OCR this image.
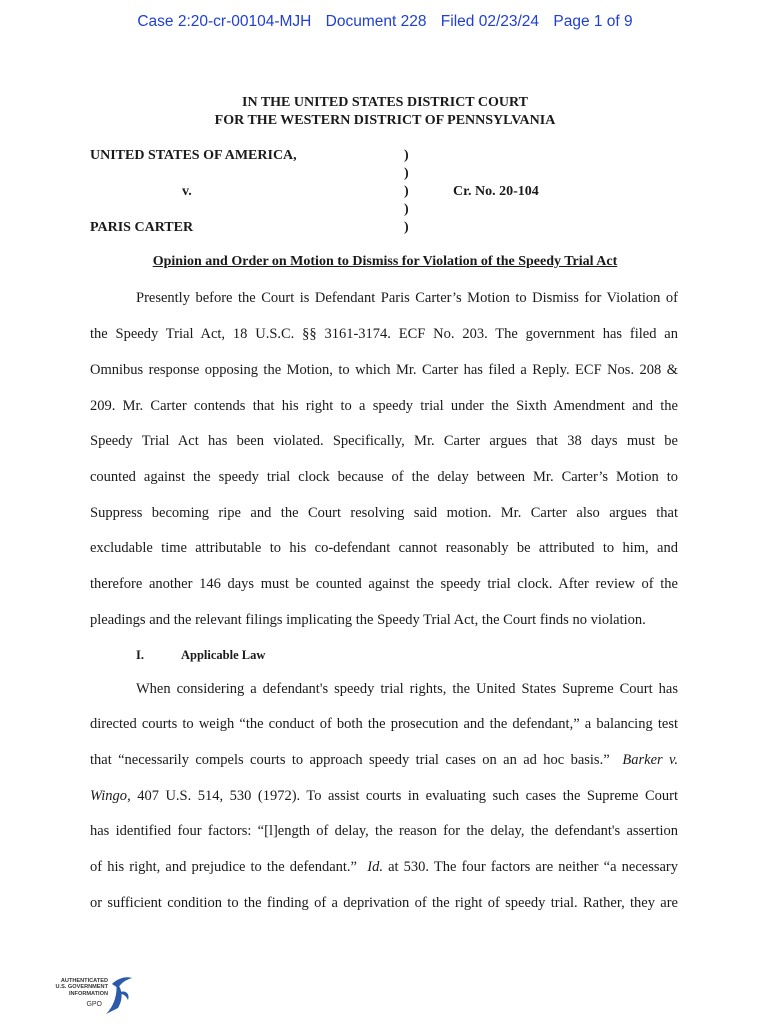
Case 2:20-cr-00104-MJH Document 228 Filed 02/23/24 Page 1 of 9
IN THE UNITED STATES DISTRICT COURT
FOR THE WESTERN DISTRICT OF PENNSYLVANIA
UNITED STATES OF AMERICA,
v.
PARIS CARTER
Cr. No. 20-104
)
)
)
)
)
Opinion and Order on Motion to Dismiss for Violation of the Speedy Trial Act
Presently before the Court is Defendant Paris Carter’s Motion to Dismiss for Violation of
the Speedy Trial Act, 18 U.S.C. §§ 3161-3174. ECF No. 203. The government has filed an
Omnibus response opposing the Motion, to which Mr. Carter has filed a Reply. ECF Nos. 208 &
209. Mr. Carter contends that his right to a speedy trial under the Sixth Amendment and the
Speedy Trial Act has been violated. Specifically, Mr. Carter argues that 38 days must be
counted against the speedy trial clock because of the delay between Mr. Carter’s Motion to
Suppress becoming ripe and the Court resolving said motion. Mr. Carter also argues that
excludable time attributable to his co-defendant cannot reasonably be attributed to him, and
therefore another 146 days must be counted against the speedy trial clock. After review of the
pleadings and the relevant filings implicating the Speedy Trial Act, the Court finds no violation.
I.	Applicable Law
When considering a defendant's speedy trial rights, the United States Supreme Court has
directed courts to weigh “the conduct of both the prosecution and the defendant,” a balancing test
that “necessarily compels courts to approach speedy trial cases on an ad hoc basis.” Barker v.
Wingo, 407 U.S. 514, 530 (1972). To assist courts in evaluating such cases the Supreme Court
has identified four factors: “[l]ength of delay, the reason for the delay, the defendant's assertion
of his right, and prejudice to the defendant.” Id. at 530. The four factors are neither “a necessary
or sufficient condition to the finding of a deprivation of the right of speedy trial. Rather, they are
AUTHENTICATED
U.S. GOVERNMENT
INFORMATION
GPO
